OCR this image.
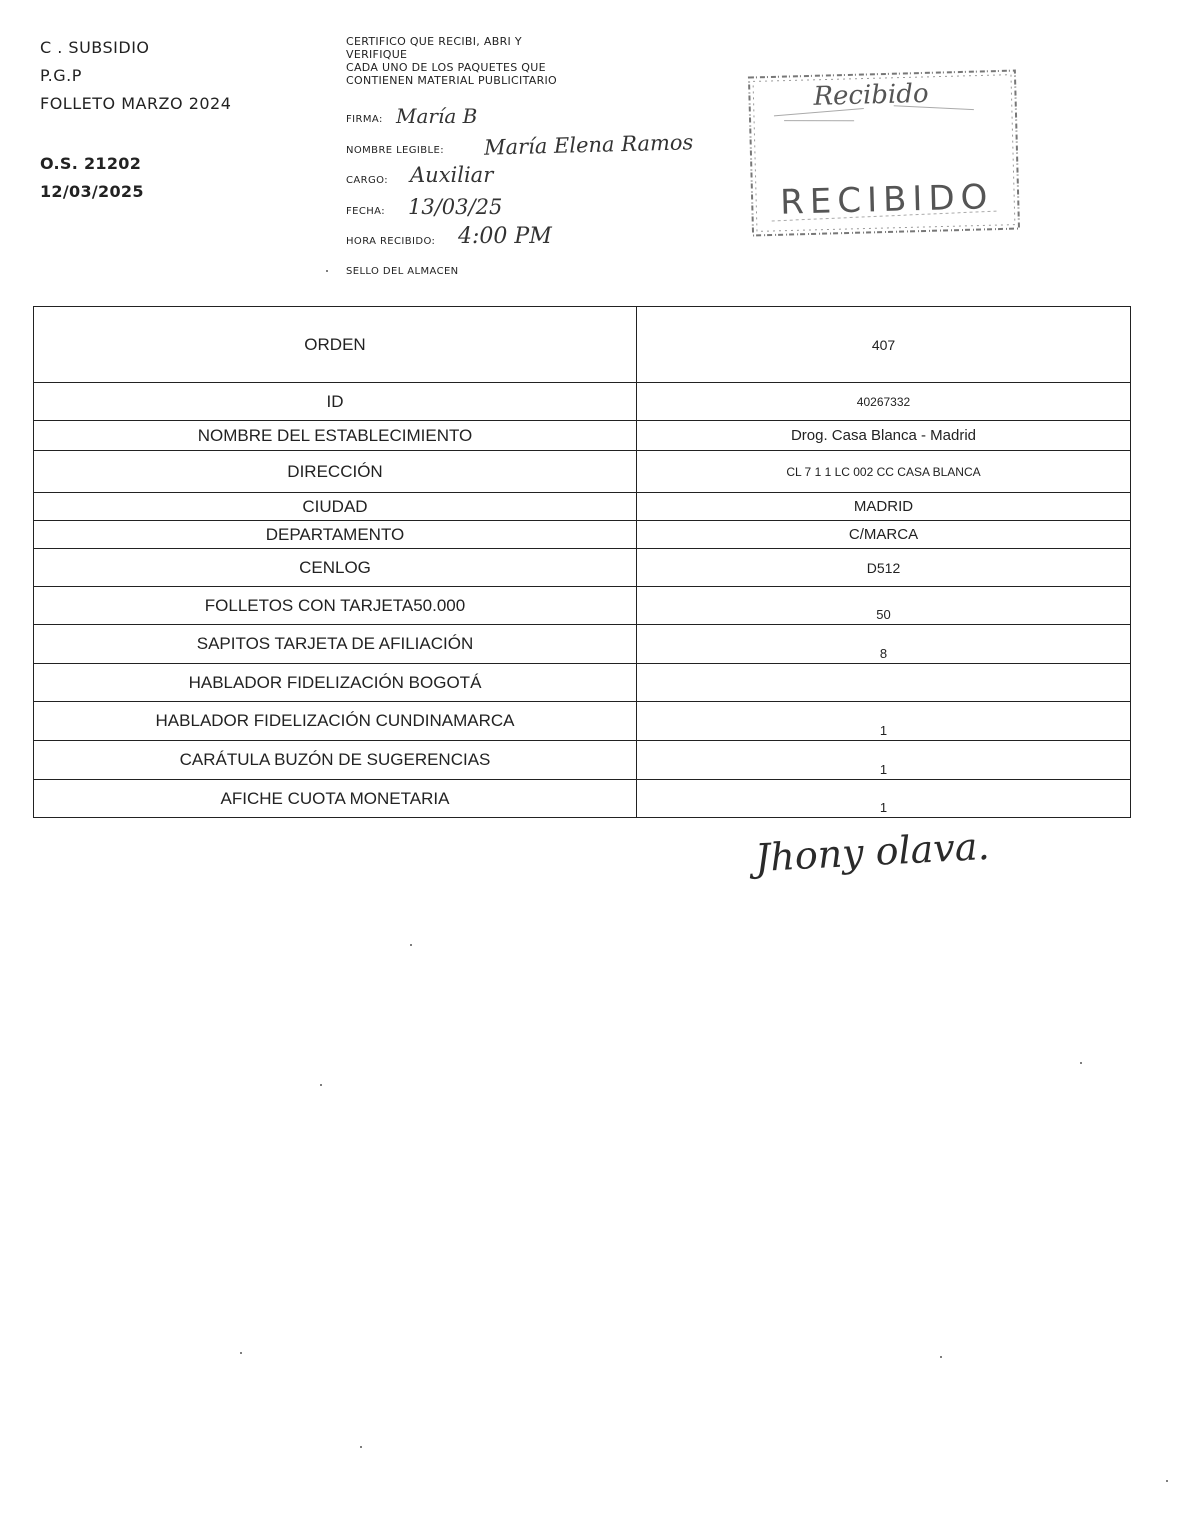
C . SUBSIDIO
P.G.P
FOLLETO MARZO 2024
O.S. 21202
12/03/2025
CERTIFICO QUE RECIBI, ABRI Y
VERIFIQUE
CADA UNO DE LOS PAQUETES QUE
CONTIENEN MATERIAL PUBLICITARIO
FIRMA: María B
NOMBRE LEGIBLE: María Elena Ramos
CARGO: Auxiliar
FECHA: 13/03/25
HORA RECIBIDO: 4:00 PM
SELLO DEL ALMACEN
Recibido
RECIBIDO
ORDEN	407
ID	40267332
NOMBRE DEL ESTABLECIMIENTO	Drog. Casa Blanca - Madrid
DIRECCIÓN	CL 7 1 1 LC 002 CC CASA BLANCA
CIUDAD	MADRID
DEPARTAMENTO	C/MARCA
CENLOG	D512
FOLLETOS CON TARJETA50.000	50
SAPITOS TARJETA DE AFILIACIÓN	8
HABLADOR FIDELIZACIÓN BOGOTÁ	
HABLADOR FIDELIZACIÓN CUNDINAMARCA	1
CARÁTULA BUZÓN DE SUGERENCIAS	1
AFICHE CUOTA MONETARIA	1
Jhony olava.
